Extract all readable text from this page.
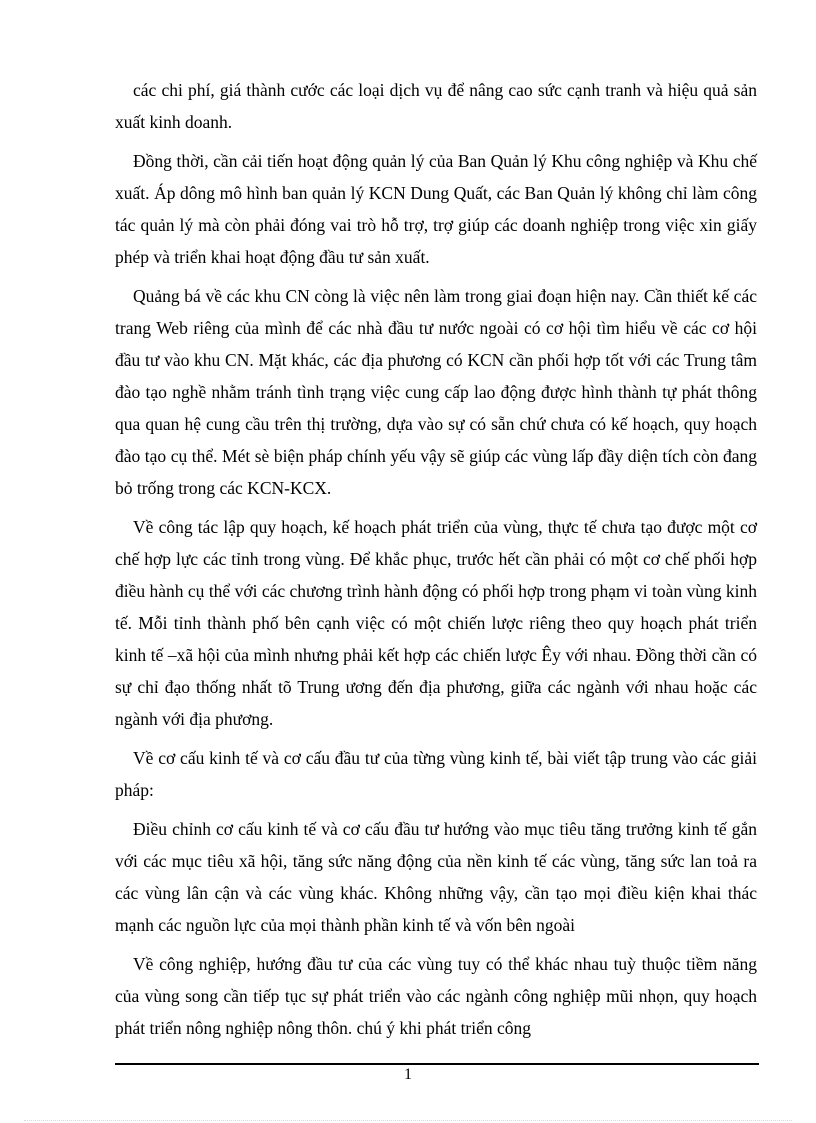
các chi phí, giá thành cước các loại dịch vụ để nâng cao sức cạnh tranh và hiệu quả sản xuất kinh doanh.

Đồng thời, cần cải tiến hoạt động quản lý của Ban Quản lý Khu công nghiệp và Khu chế xuất. Áp dông mô hình ban quản lý KCN Dung Quất, các Ban Quản lý không chỉ làm công tác quản lý mà còn phải đóng vai trò hỗ trợ, trợ giúp các doanh nghiệp trong việc xin giấy phép và triển khai hoạt động đầu tư sản xuất.

Quảng bá về các khu CN còng là việc nên làm trong giai đoạn hiện nay. Cần thiết kế các trang Web riêng của mình để các nhà đầu tư nước ngoài có cơ hội tìm hiểu về các cơ hội đầu tư vào khu CN. Mặt khác, các địa phương có KCN cần phối hợp tốt với các Trung tâm đào tạo nghề nhằm tránh tình trạng việc cung cấp lao động được hình thành tự phát thông qua quan hệ cung cầu trên thị trường, dựa vào sự có sẵn chứ chưa có kế hoạch, quy hoạch đào tạo cụ thể. Mét sè biện pháp chính yếu vậy sẽ giúp các vùng lấp đầy diện tích còn đang bỏ trống trong các KCN-KCX.

Về công tác lập quy hoạch, kế hoạch phát triển của vùng, thực tế chưa tạo được một cơ chế hợp lực các tỉnh trong vùng. Để khắc phục, trước hết cần phải có một cơ chế phối hợp điều hành cụ thể với các chương trình hành động có phối hợp trong phạm vi toàn vùng kinh tế. Mỗi tỉnh thành phố bên cạnh việc có một chiến lược riêng theo quy hoạch phát triển kinh tế –xã hội của mình nhưng phải kết hợp các chiến lược Êy với nhau. Đồng thời cần có sự chỉ đạo thống nhất tõ Trung ương đến địa phương, giữa các ngành với nhau hoặc các ngành với địa phương.

Về cơ cấu kinh tế và cơ cấu đầu tư của từng vùng kinh tế, bài viết tập trung vào các giải pháp:

Điều chỉnh cơ cấu kinh tế và cơ cấu đầu tư hướng vào mục tiêu tăng trưởng kinh tế gắn với các mục tiêu xã hội, tăng sức năng động của nền kinh tế các vùng, tăng sức lan toả ra các vùng lân cận và các vùng khác. Không những vậy, cần tạo mọi điều kiện khai thác mạnh các nguồn lực của mọi thành phần kinh tế và vốn bên ngoài

Về công nghiệp, hướng đầu tư của các vùng tuy có thể khác nhau tuỳ thuộc tiềm năng của vùng song cần tiếp tục sự phát triển vào các ngành công nghiệp mũi nhọn, quy hoạch phát triển nông nghiệp nông thôn. chú ý khi phát triển công

1
